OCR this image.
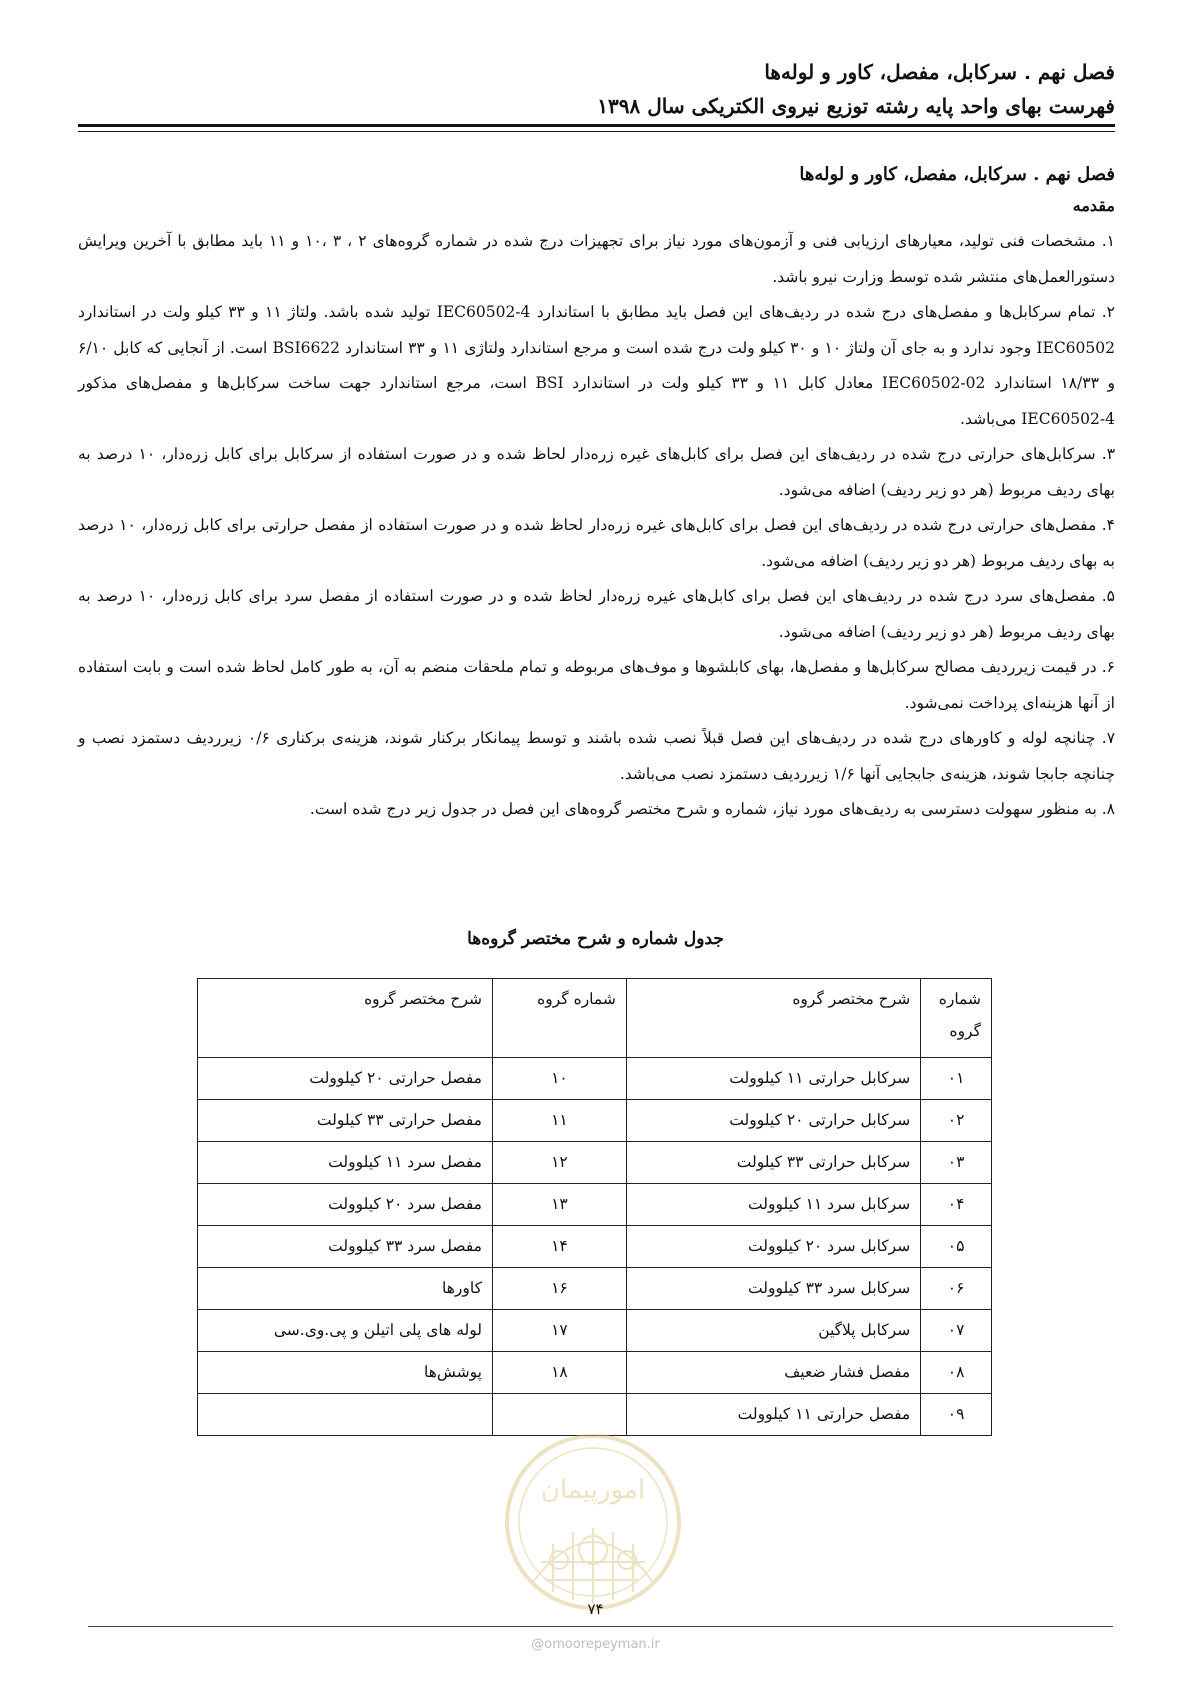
فصل نهم . سرکابل، مفصل، کاور و لوله‌ها
فهرست بهای واحد پایه رشته توزیع نیروی الکتریکی سال ۱۳۹۸
فصل نهم . سرکابل، مفصل، کاور و لوله‌ها
مقدمه

۱. مشخصات فنی تولید، معیارهای ارزیابی فنی و آزمون‌های مورد نیاز برای تجهیزات درج شده در شماره گروه‌های ۲ ، ۳ ،۱۰ و ۱۱ باید مطابق با آخرین ویرایش دستورالعمل‌های منتشر شده توسط وزارت نیرو باشد.

۲. تمام سرکابل‌ها و مفصل‌های درج شده در ردیف‌های این فصل باید مطابق با استاندارد IEC60502-4 تولید شده باشد. ولتاژ ۱۱ و ۳۳ کیلو ولت در استاندارد IEC60502 وجود ندارد و به جای آن ولتاژ ۱۰ و ۳۰ کیلو ولت درج شده است و مرجع استاندارد ولتاژی ۱۱ و ۳۳ استاندارد BSI6622 است. از آنجایی که کابل ۶/۱۰ و ۱۸/۳۳ استاندارد IEC60502-02 معادل کابل ۱۱ و ۳۳ کیلو ولت در استاندارد BSI است، مرجع استاندارد جهت ساخت سرکابل‌ها و مفصل‌های مذکور IEC60502-4 می‌باشد.

۳. سرکابل‌های حرارتی درج شده در ردیف‌های این فصل برای کابل‌های غیره زره‌دار لحاظ شده و در صورت استفاده از سرکابل برای کابل زره‌دار، ۱۰ درصد به بهای ردیف مربوط (هر دو زیر ردیف) اضافه می‌شود.

۴. مفصل‌های حرارتی درج شده در ردیف‌های این فصل برای کابل‌های غیره زره‌دار لحاظ شده و در صورت استفاده از مفصل حرارتی برای کابل زره‌دار، ۱۰ درصد به بهای ردیف مربوط (هر دو زیر ردیف) اضافه می‌شود.

۵. مفصل‌های سرد درج شده در ردیف‌های این فصل برای کابل‌های غیره زره‌دار لحاظ شده و در صورت استفاده از مفصل سرد برای کابل زره‌دار، ۱۰ درصد به بهای ردیف مربوط (هر دو زیر ردیف) اضافه می‌شود.

۶. در قیمت زیرردیف مصالح سرکابل‌ها و مفصل‌ها، بهای کابلشوها و موف‌های مربوطه و تمام ملحقات منضم به آن، به طور کامل لحاظ شده است و بابت استفاده از آنها هزینه‌ای پرداخت نمی‌شود.

۷. چنانچه لوله و کاورهای درج شده در ردیف‌های این فصل قبلاً نصب شده باشند و توسط پیمانکار برکنار شوند، هزینه‌ی برکناری ۰/۶ زیرردیف دستمزد نصب و چنانچه جابجا شوند، هزینه‌ی جابجایی آنها ۱/۶ زیرردیف دستمزد نصب می‌باشد.

۸. به منظور سهولت دسترسی به ردیف‌های مورد نیاز، شماره و شرح مختصر گروه‌های این فصل در جدول زیر درج شده است.

جدول شماره و شرح مختصر گروه‌ها
شماره گروه	شرح مختصر گروه	شماره گروه	شرح مختصر گروه
۰۱	سرکابل حرارتی ۱۱ کیلوولت	۱۰	مفصل حرارتی ۲۰ کیلوولت
۰۲	سرکابل حرارتی ۲۰ کیلوولت	۱۱	مفصل حرارتی ۳۳ کیلولت
۰۳	سرکابل حرارتی ۳۳ کیلولت	۱۲	مفصل سرد ۱۱ کیلوولت
۰۴	سرکابل سرد ۱۱ کیلوولت	۱۳	مفصل سرد ۲۰ کیلوولت
۰۵	سرکابل سرد ۲۰ کیلوولت	۱۴	مفصل سرد ۳۳ کیلوولت
۰۶	سرکابل سرد ۳۳ کیلوولت	۱۶	کاورها
۰۷	سرکابل پلاگین	۱۷	لوله های پلی اتیلن و پی.وی.سی
۰۸	مفصل فشار ضعیف	۱۸	پوشش‌ها
۰۹	مفصل حرارتی ۱۱ کیلوولت		
امورپیمان
۷۴
@omoorepeyman.ir
